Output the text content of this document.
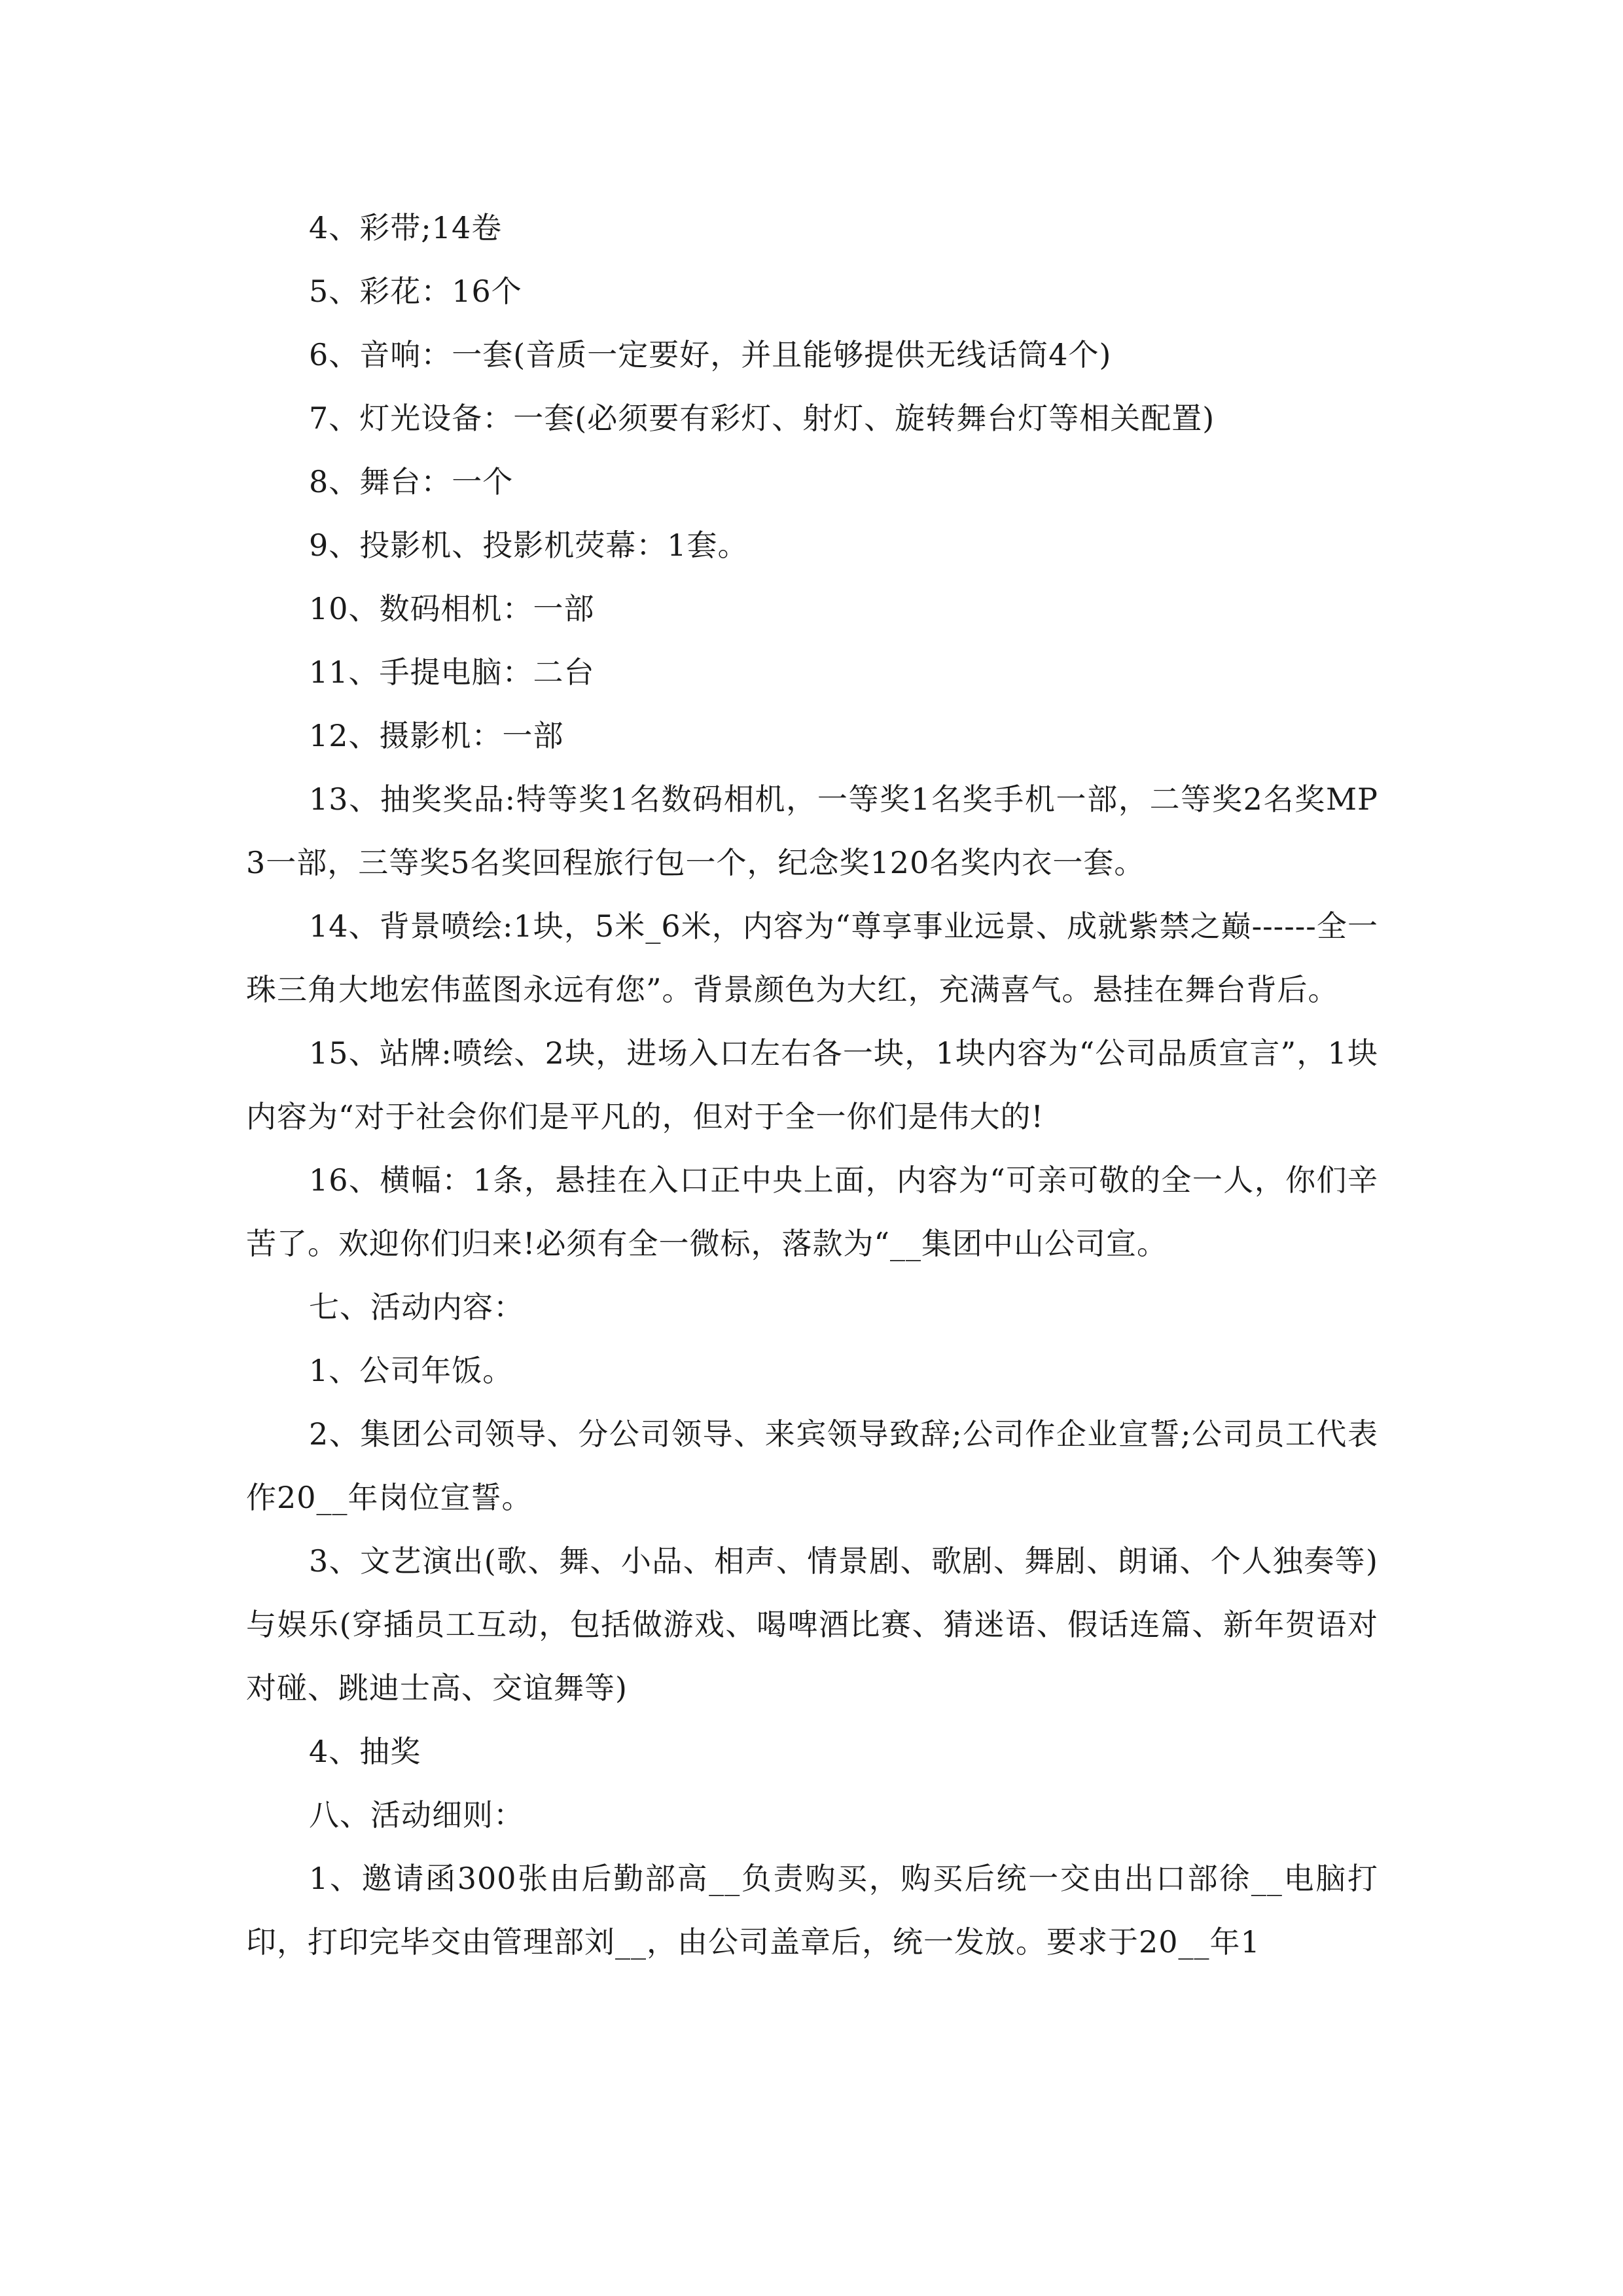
4、彩带;14卷

5、彩花：16个

6、音响：一套(音质一定要好，并且能够提供无线话筒4个)

7、灯光设备：一套(必须要有彩灯、射灯、旋转舞台灯等相关配置)

8、舞台：一个

9、投影机、投影机荧幕：1套。

10、数码相机：一部

11、手提电脑：二台

12、摄影机：一部

13、抽奖奖品:特等奖1名数码相机，一等奖1名奖手机一部，二等奖2名奖MP3一部，三等奖5名奖回程旅行包一个，纪念奖120名奖内衣一套。

14、背景喷绘:1块，5米_6米，内容为“尊享事业远景、成就紫禁之巅------全一珠三角大地宏伟蓝图永远有您”。背景颜色为大红，充满喜气。悬挂在舞台背后。

15、站牌:喷绘、2块，进场入口左右各一块，1块内容为“公司品质宣言”，1块内容为“对于社会你们是平凡的，但对于全一你们是伟大的!

16、横幅：1条，悬挂在入口正中央上面，内容为“可亲可敬的全一人，你们辛苦了。欢迎你们归来!必须有全一微标，落款为“__集团中山公司宣。

七、活动内容：

1、公司年饭。

2、集团公司领导、分公司领导、来宾领导致辞;公司作企业宣誓;公司员工代表作20__年岗位宣誓。

3、文艺演出(歌、舞、小品、相声、情景剧、歌剧、舞剧、朗诵、个人独奏等)与娱乐(穿插员工互动，包括做游戏、喝啤酒比赛、猜迷语、假话连篇、新年贺语对对碰、跳迪士高、交谊舞等)

4、抽奖

八、活动细则：

1、邀请函300张由后勤部高__负责购买，购买后统一交由出口部徐__电脑打印，打印完毕交由管理部刘__，由公司盖章后，统一发放。要求于20__年1
